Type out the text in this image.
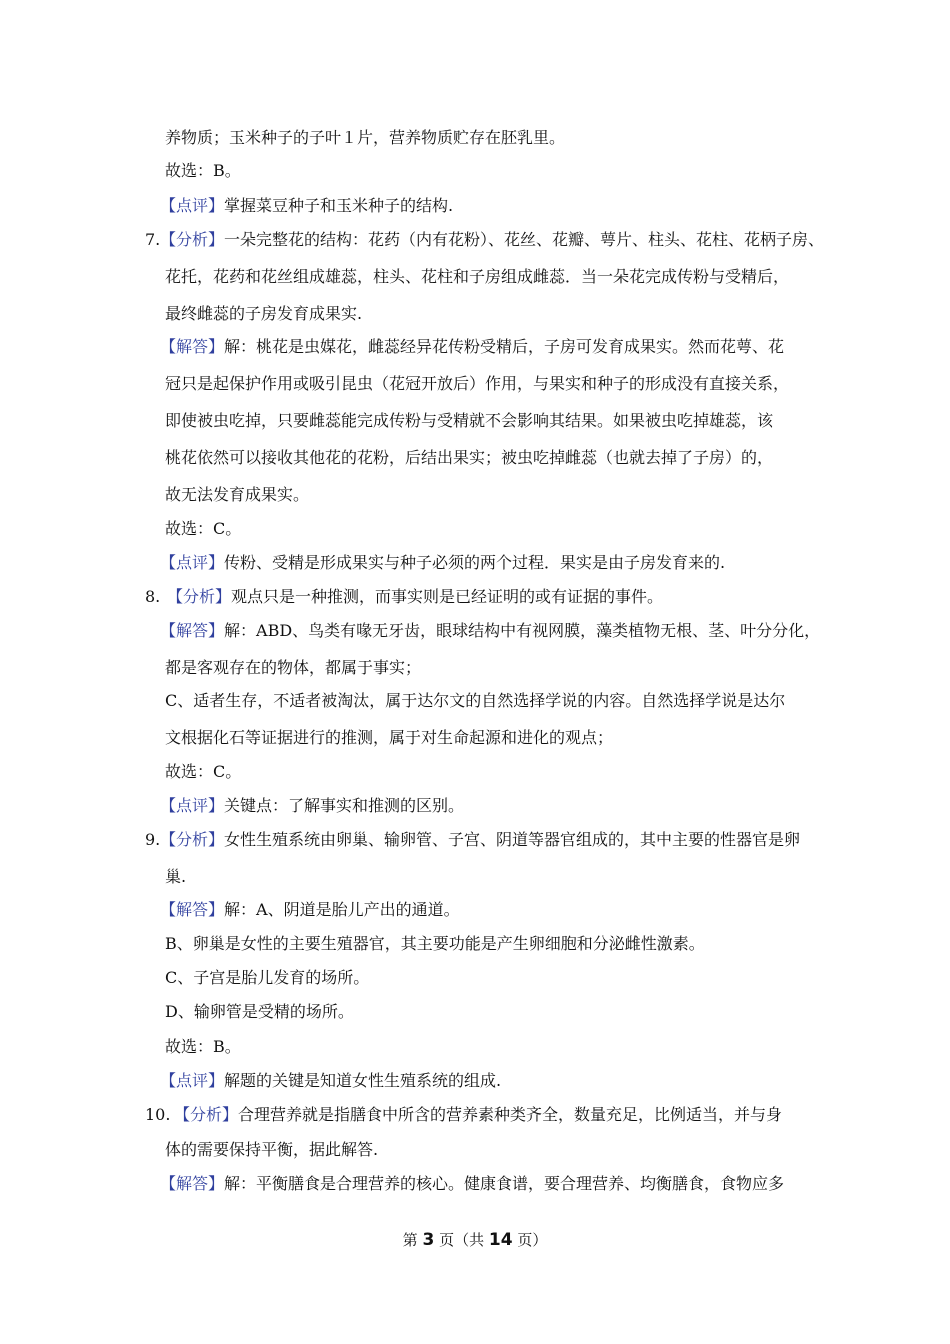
养物质；玉米种子的子叶１片，营养物质贮存在胚乳里。
故选：B。
【点评】掌握菜豆种子和玉米种子的结构.
7. 【分析】一朵完整花的结构：花药（内有花粉）、花丝、花瓣、萼片、柱头、花柱、花柄子房、
花托，花药和花丝组成雄蕊，柱头、花柱和子房组成雌蕊．当一朵花完成传粉与受精后，
最终雌蕊的子房发育成果实.
【解答】解：桃花是虫媒花，雌蕊经异花传粉受精后，子房可发育成果实。然而花萼、花
冠只是起保护作用或吸引昆虫（花冠开放后）作用，与果实和种子的形成没有直接关系，
即使被虫吃掉，只要雌蕊能完成传粉与受精就不会影响其结果。如果被虫吃掉雄蕊，该
桃花依然可以接收其他花的花粉，后结出果实；被虫吃掉雌蕊（也就去掉了子房）的，
故无法发育成果实。
故选：C。
【点评】传粉、受精是形成果实与种子必须的两个过程．果实是由子房发育来的.
8. 【分析】观点只是一种推测，而事实则是已经证明的或有证据的事件。
【解答】解：ABD、鸟类有喙无牙齿，眼球结构中有视网膜，藻类植物无根、茎、叶分分化，
都是客观存在的物体，都属于事实；
C、适者生存，不适者被淘汰，属于达尔文的自然选择学说的内容。自然选择学说是达尔
文根据化石等证据进行的推测，属于对生命起源和进化的观点；
故选：C。
【点评】关键点：了解事实和推测的区别。
9. 【分析】女性生殖系统由卵巢、输卵管、子宫、阴道等器官组成的，其中主要的性器官是卵
巢.
【解答】解：A、阴道是胎儿产出的通道。
B、卵巢是女性的主要生殖器官，其主要功能是产生卵细胞和分泌雌性激素。
C、子宫是胎儿发育的场所。
D、输卵管是受精的场所。
故选：B。
【点评】解题的关键是知道女性生殖系统的组成.
10. 【分析】合理营养就是指膳食中所含的营养素种类齐全，数量充足，比例适当，并与身
体的需要保持平衡，据此解答.
【解答】解：平衡膳食是合理营养的核心。健康食谱，要合理营养、均衡膳食，食物应多
第 3 页（共 14 页）
